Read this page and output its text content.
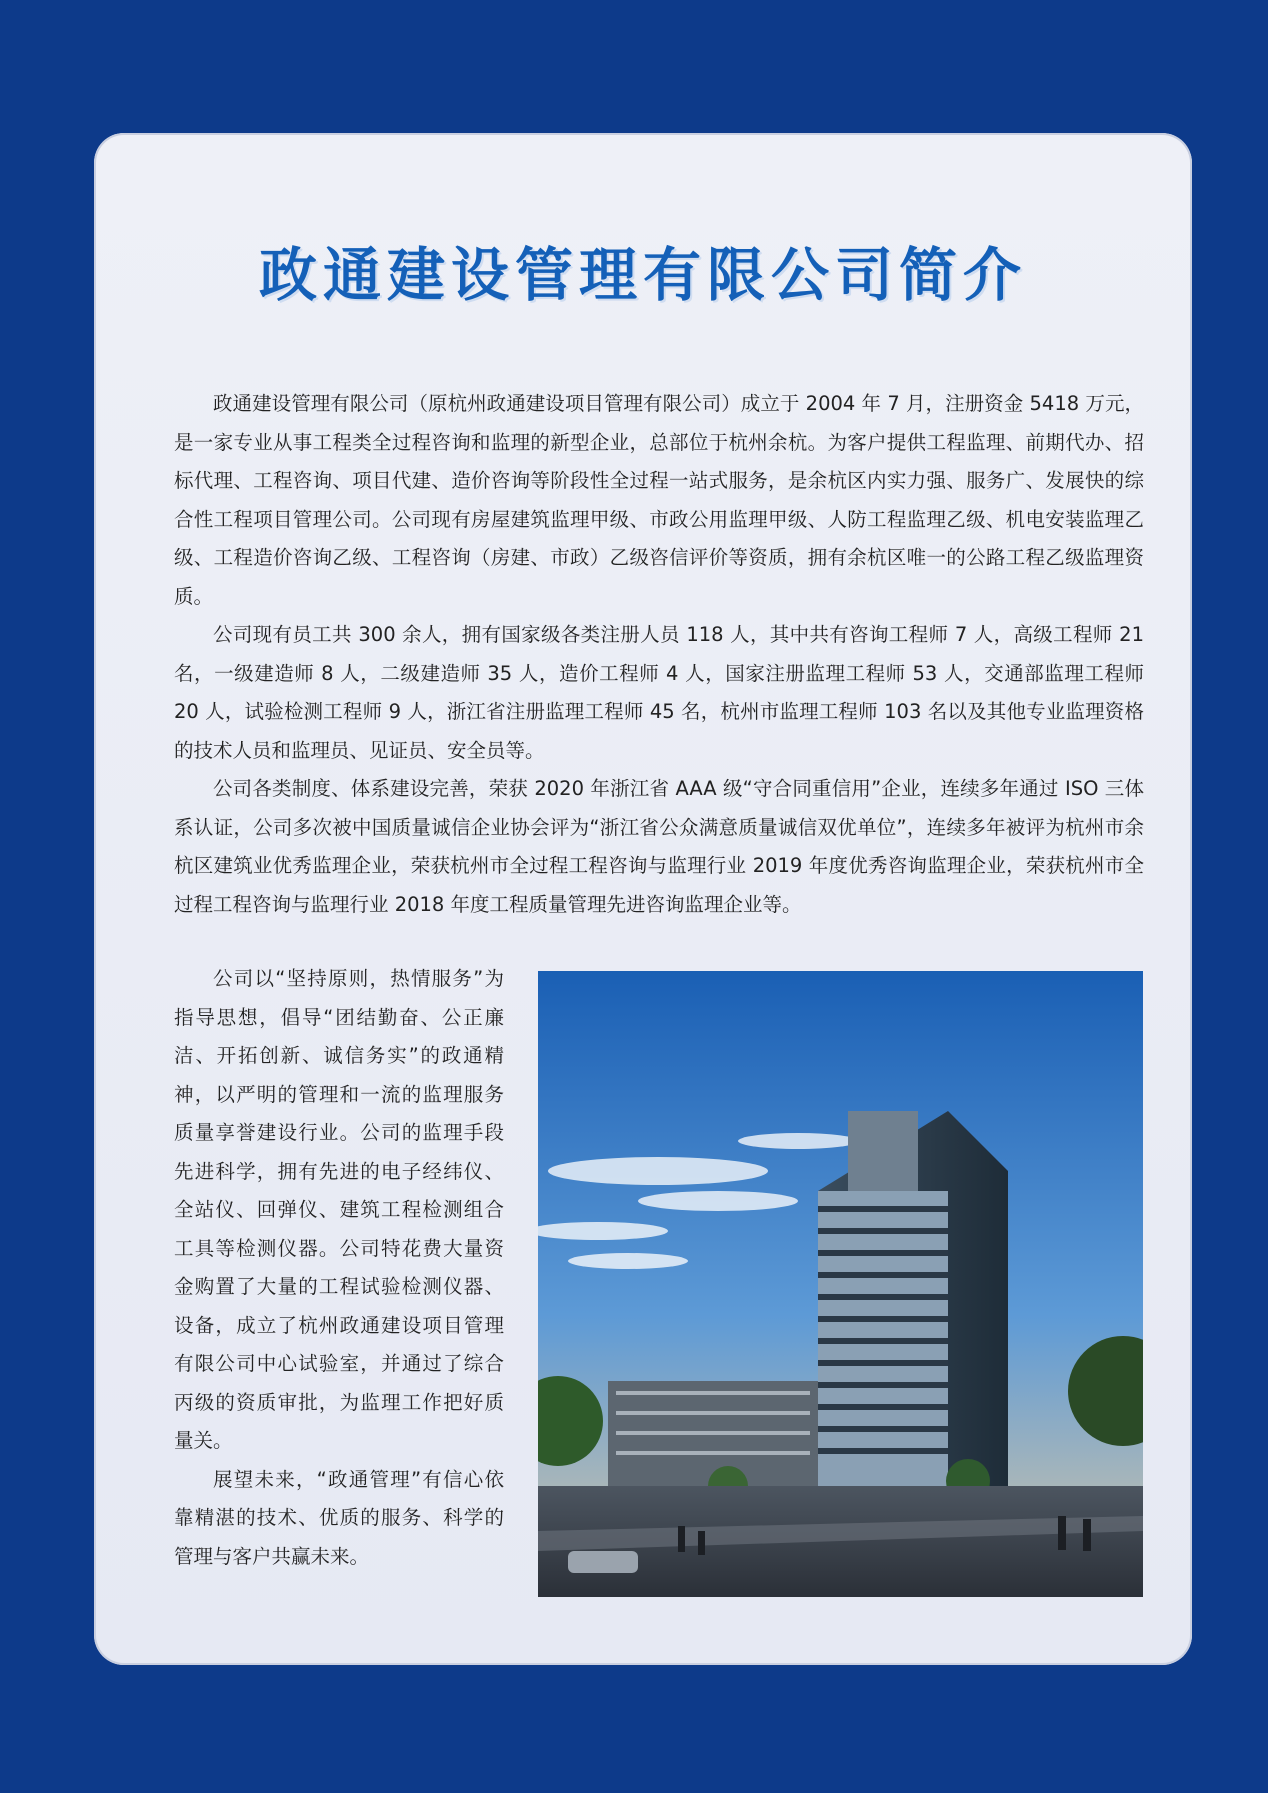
政通建设管理有限公司简介

政通建设管理有限公司（原杭州政通建设项目管理有限公司）成立于 2004 年 7 月，注册资金 5418 万元，是一家专业从事工程类全过程咨询和监理的新型企业，总部位于杭州余杭。为客户提供工程监理、前期代办、招标代理、工程咨询、项目代建、造价咨询等阶段性全过程一站式服务，是余杭区内实力强、服务广、发展快的综合性工程项目管理公司。公司现有房屋建筑监理甲级、市政公用监理甲级、人防工程监理乙级、机电安装监理乙级、工程造价咨询乙级、工程咨询（房建、市政）乙级咨信评价等资质，拥有余杭区唯一的公路工程乙级监理资质。

公司现有员工共 300 余人，拥有国家级各类注册人员 118 人，其中共有咨询工程师 7 人，高级工程师 21 名，一级建造师 8 人，二级建造师 35 人，造价工程师 4 人，国家注册监理工程师 53 人，交通部监理工程师 20 人，试验检测工程师 9 人，浙江省注册监理工程师 45 名，杭州市监理工程师 103 名以及其他专业监理资格的技术人员和监理员、见证员、安全员等。

公司各类制度、体系建设完善，荣获 2020 年浙江省 AAA 级“守合同重信用”企业，连续多年通过 ISO 三体系认证，公司多次被中国质量诚信企业协会评为“浙江省公众满意质量诚信双优单位”，连续多年被评为杭州市余杭区建筑业优秀监理企业，荣获杭州市全过程工程咨询与监理行业 2019 年度优秀咨询监理企业，荣获杭州市全过程工程咨询与监理行业 2018 年度工程质量管理先进咨询监理企业等。

公司以“坚持原则，热情服务”为指导思想，倡导“团结勤奋、公正廉洁、开拓创新、诚信务实”的政通精神，以严明的管理和一流的监理服务质量享誉建设行业。公司的监理手段先进科学，拥有先进的电子经纬仪、全站仪、回弹仪、建筑工程检测组合工具等检测仪器。公司特花费大量资金购置了大量的工程试验检测仪器、设备，成立了杭州政通建设项目管理有限公司中心试验室，并通过了综合丙级的资质审批，为监理工作把好质量关。

展望未来，“政通管理”有信心依靠精湛的技术、优质的服务、科学的管理与客户共赢未来。
